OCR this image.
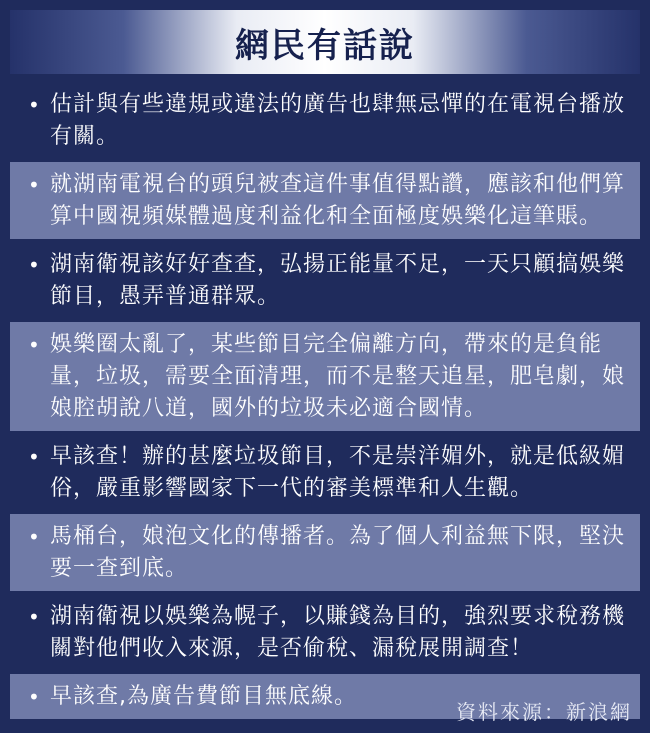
網民有話說
• 估計與有些違規或違法的廣告也肆無忌憚的在電視台播放有關。
• 就湖南電視台的頭兒被查這件事值得點讚，應該和他們算算中國視頻媒體過度利益化和全面極度娛樂化這筆賬。
• 湖南衛視該好好查查，弘揚正能量不足，一天只顧搞娛樂節目，愚弄普通群眾。
• 娛樂圈太亂了，某些節目完全偏離方向，帶來的是負能量，垃圾，需要全面清理，而不是整天追星，肥皂劇，娘娘腔胡說八道，國外的垃圾未必適合國情。
• 早該查！辦的甚麼垃圾節目，不是崇洋媚外，就是低級媚俗，嚴重影響國家下一代的審美標準和人生觀。
• 馬桶台，娘泡文化的傳播者。為了個人利益無下限，堅決要一查到底。
• 湖南衛視以娛樂為幌子，以賺錢為目的，強烈要求稅務機關對他們收入來源，是否偷稅、漏稅展開調查！
• 早該查,為廣告費節目無底線。
資料來源：新浪網
